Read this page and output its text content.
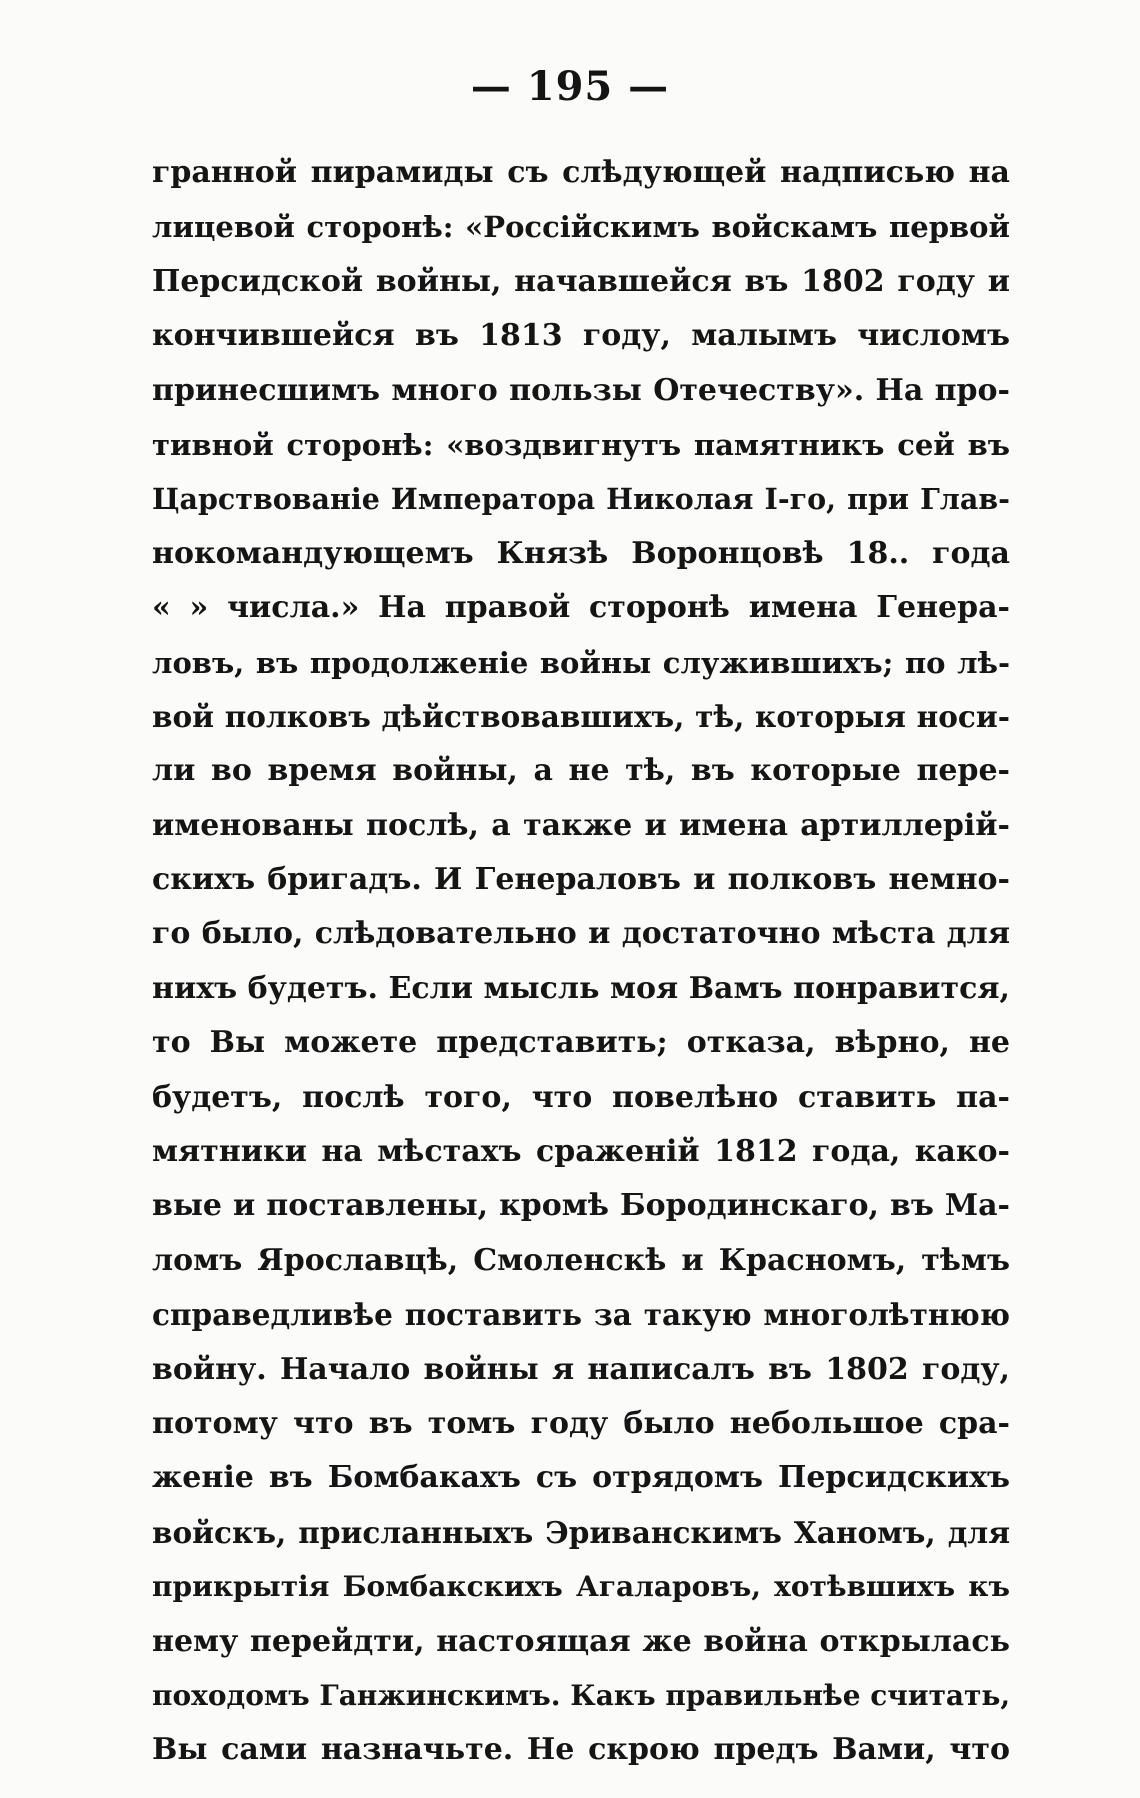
— 195 —
гранной пирамиды съ слѣдующей надписью на
лицевой сторонѣ: «Россійскимъ войскамъ первой
Персидской войны, начавшейся въ 1802 году и
кончившейся въ 1813 году, малымъ числомъ
принесшимъ много пользы Отечеству». На про-
тивной сторонѣ: «воздвигнутъ памятникъ сей въ
Царствованіе Императора Николая I-го, при Глав-
нокомандующемъ Князѣ Воронцовѣ 18.. года
« » числа.» На правой сторонѣ имена Генера-
ловъ, въ продолженіе войны служившихъ; по лѣ-
вой полковъ дѣйствовавшихъ, тѣ, которыя носи-
ли во время войны, а не тѣ, въ которые пере-
именованы послѣ, а также и имена артиллерій-
скихъ бригадъ. И Генераловъ и полковъ немно-
го было, слѣдовательно и достаточно мѣста для
нихъ будетъ. Если мысль моя Вамъ понравится,
то Вы можете представить; отказа, вѣрно, не
будетъ, послѣ того, что повелѣно ставить па-
мятники на мѣстахъ сраженій 1812 года, како-
вые и поставлены, кромѣ Бородинскаго, въ Ма-
ломъ Ярославцѣ, Смоленскѣ и Красномъ, тѣмъ
справедливѣе поставить за такую многолѣтнюю
войну. Начало войны я написалъ въ 1802 году,
потому что въ томъ году было небольшое сра-
женіе въ Бомбакахъ съ отрядомъ Персидскихъ
войскъ, присланныхъ Эриванскимъ Ханомъ, для
прикрытія Бомбакскихъ Агаларовъ, хотѣвшихъ къ
нему перейдти, настоящая же война открылась
походомъ Ганжинскимъ. Какъ правильнѣе считать,
Вы сами назначьте. Не скрою предъ Вами, что
